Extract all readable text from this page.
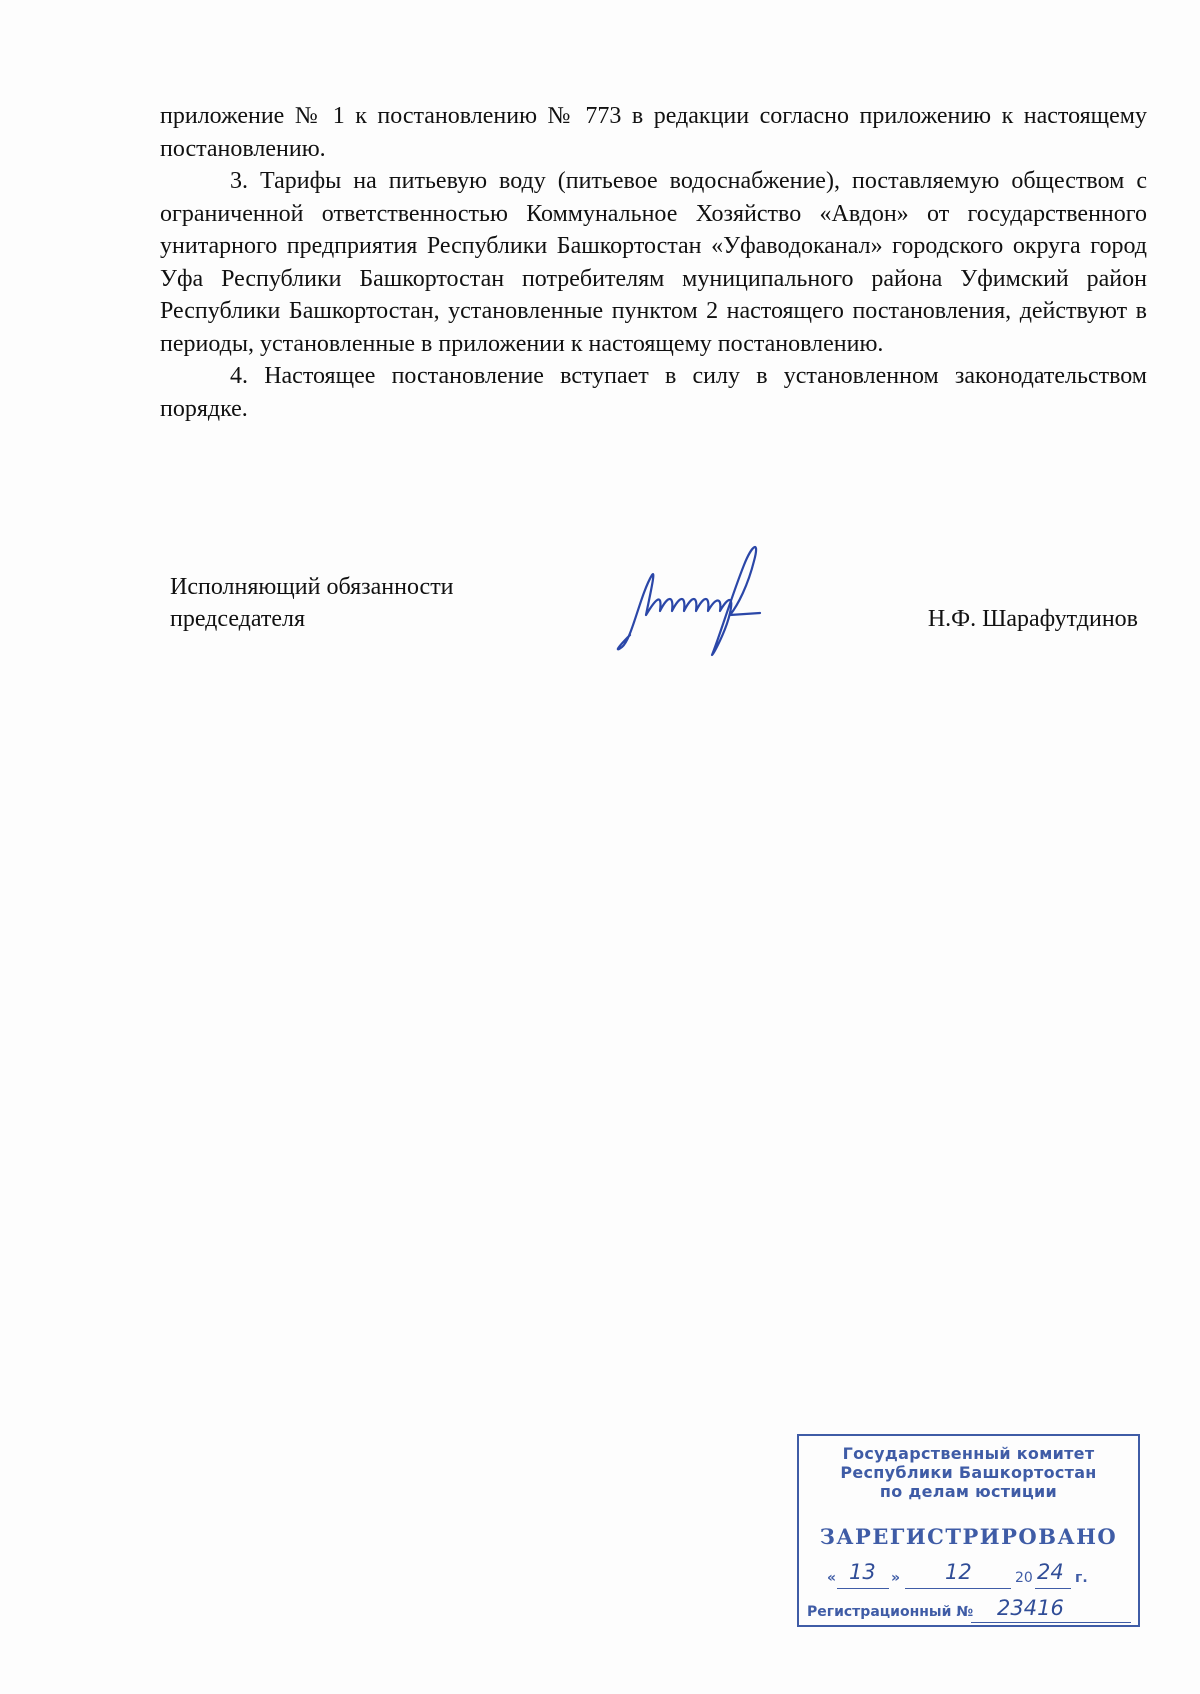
приложение № 1 к постановлению № 773 в редакции согласно приложению к настоящему постановлению.

3. Тарифы на питьевую воду (питьевое водоснабжение), поставляемую обществом с ограниченной ответственностью Коммунальное Хозяйство «Авдон» от государственного унитарного предприятия Республики Башкортостан «Уфаводоканал» городского округа город Уфа Республики Башкортостан потребителям муниципального района Уфимский район Республики Башкортостан, установленные пунктом 2 настоящего постановления, действуют в периоды, установленные в приложении к настоящему постановлению.

4. Настоящее постановление вступает в силу в установленном законодательством порядке.

Исполняющий обязанности
председателя	Н.Ф. Шарафутдинов
Государственный комитет
Республики Башкортостан
по делам юстиции
ЗАРЕГИСТРИРОВАНО
« 13 » 12	20 24 г.
Регистрационный № 23416
